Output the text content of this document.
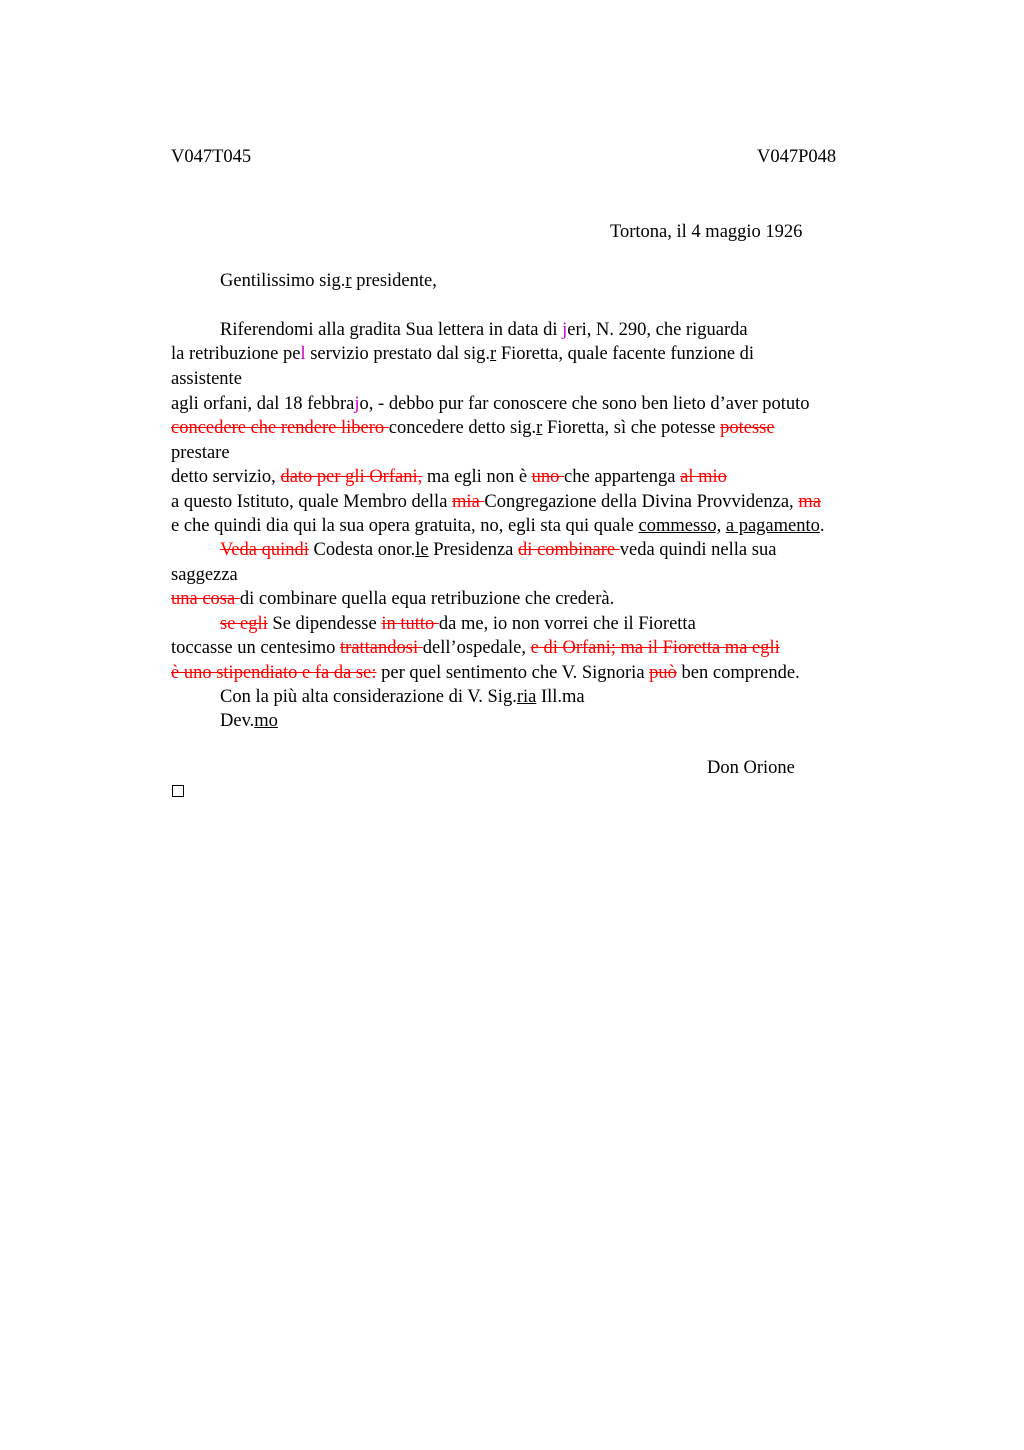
V047T045	V047P048
Tortona, il 4 maggio 1926
Gentilissimo sig.r presidente,
Riferendomi alla gradita Sua lettera in data di jeri, N. 290, che riguarda
la retribuzione pel servizio prestato dal sig.r Fioretta, quale facente funzione di
assistente
agli orfani, dal 18 febbrajo, - debbo pur far conoscere che sono ben lieto d’aver potuto
concedere che rendere libero concedere detto sig.r Fioretta, sì che potesse potesse
prestare
detto servizio, dato per gli Orfani, ma egli non è uno che appartenga al mio
a questo Istituto, quale Membro della mia Congregazione della Divina Provvidenza, ma
e che quindi dia qui la sua opera gratuita, no, egli sta qui quale commesso, a pagamento.
Veda quindi Codesta onor.le Presidenza di combinare veda quindi nella sua
saggezza
una cosa di combinare quella equa retribuzione che crederà.
se egli Se dipendesse in tutto da me, io non vorrei che il Fioretta
toccasse un centesimo trattandosi dell’ospedale, e di Orfani; ma il Fioretta ma egli
è uno stipendiato e fa da se: per quel sentimento che V. Signoria può ben comprende.
Con la più alta considerazione di V. Sig.ria Ill.ma
Dev.mo
Don Orione
